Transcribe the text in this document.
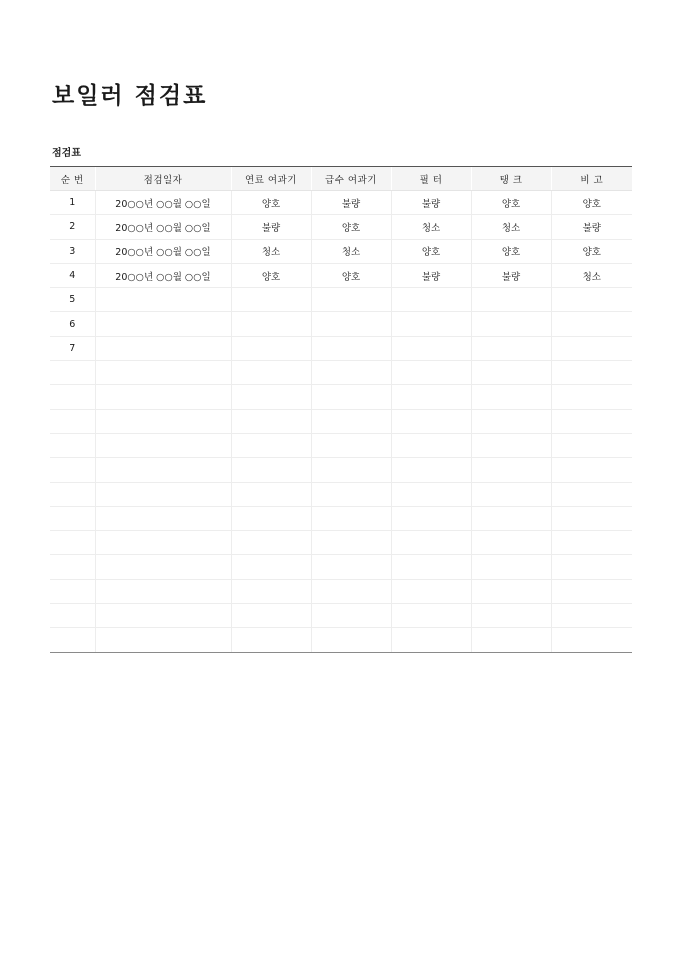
보일러 점검표
점검표
순 번	점검일자	연료 여과기	급수 여과기	필 터	탱 크	비 고
1	20○○년 ○○월 ○○일	양호	불량	불량	양호	양호
2	20○○년 ○○월 ○○일	불량	양호	청소	청소	불량
3	20○○년 ○○월 ○○일	청소	청소	양호	양호	양호
4	20○○년 ○○월 ○○일	양호	양호	불량	불량	청소
5						
6						
7						
